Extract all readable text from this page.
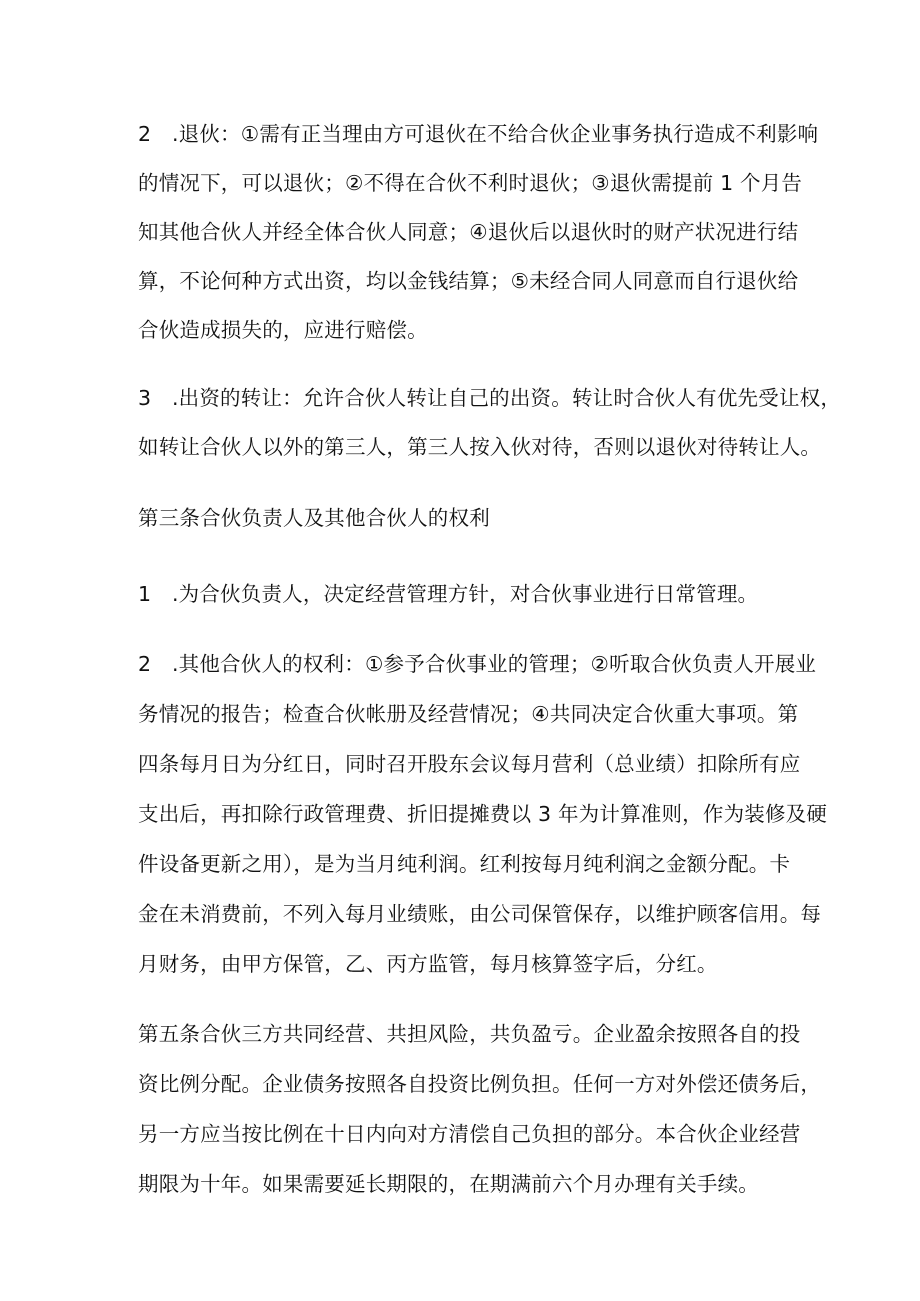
2　.退伙：①需有正当理由方可退伙在不给合伙企业事务执行造成不利影响
的情况下，可以退伙；②不得在合伙不利时退伙；③退伙需提前 1 个月告
知其他合伙人并经全体合伙人同意；④退伙后以退伙时的财产状况进行结
算，不论何种方式出资，均以金钱结算；⑤未经合同人同意而自行退伙给
合伙造成损失的，应进行赔偿。
3　.出资的转让：允许合伙人转让自己的出资。转让时合伙人有优先受让权，
如转让合伙人以外的第三人，第三人按入伙对待，否则以退伙对待转让人。
第三条合伙负责人及其他合伙人的权利
1　.为合伙负责人，决定经营管理方针，对合伙事业进行日常管理。
2　.其他合伙人的权利：①参予合伙事业的管理；②听取合伙负责人开展业
务情况的报告；检查合伙帐册及经营情况；④共同决定合伙重大事项。第
四条每月日为分红日，同时召开股东会议每月营利（总业绩）扣除所有应
支出后，再扣除行政管理费、折旧提摊费以 3 年为计算准则，作为装修及硬
件设备更新之用），是为当月纯利润。红利按每月纯利润之金额分配。卡
金在未消费前，不列入每月业绩账，由公司保管保存，以维护顾客信用。每
月财务，由甲方保管，乙、丙方监管，每月核算签字后，分红。
第五条合伙三方共同经营、共担风险，共负盈亏。企业盈余按照各自的投
资比例分配。企业债务按照各自投资比例负担。任何一方对外偿还债务后，
另一方应当按比例在十日内向对方清偿自己负担的部分。本合伙企业经营
期限为十年。如果需要延长期限的，在期满前六个月办理有关手续。
